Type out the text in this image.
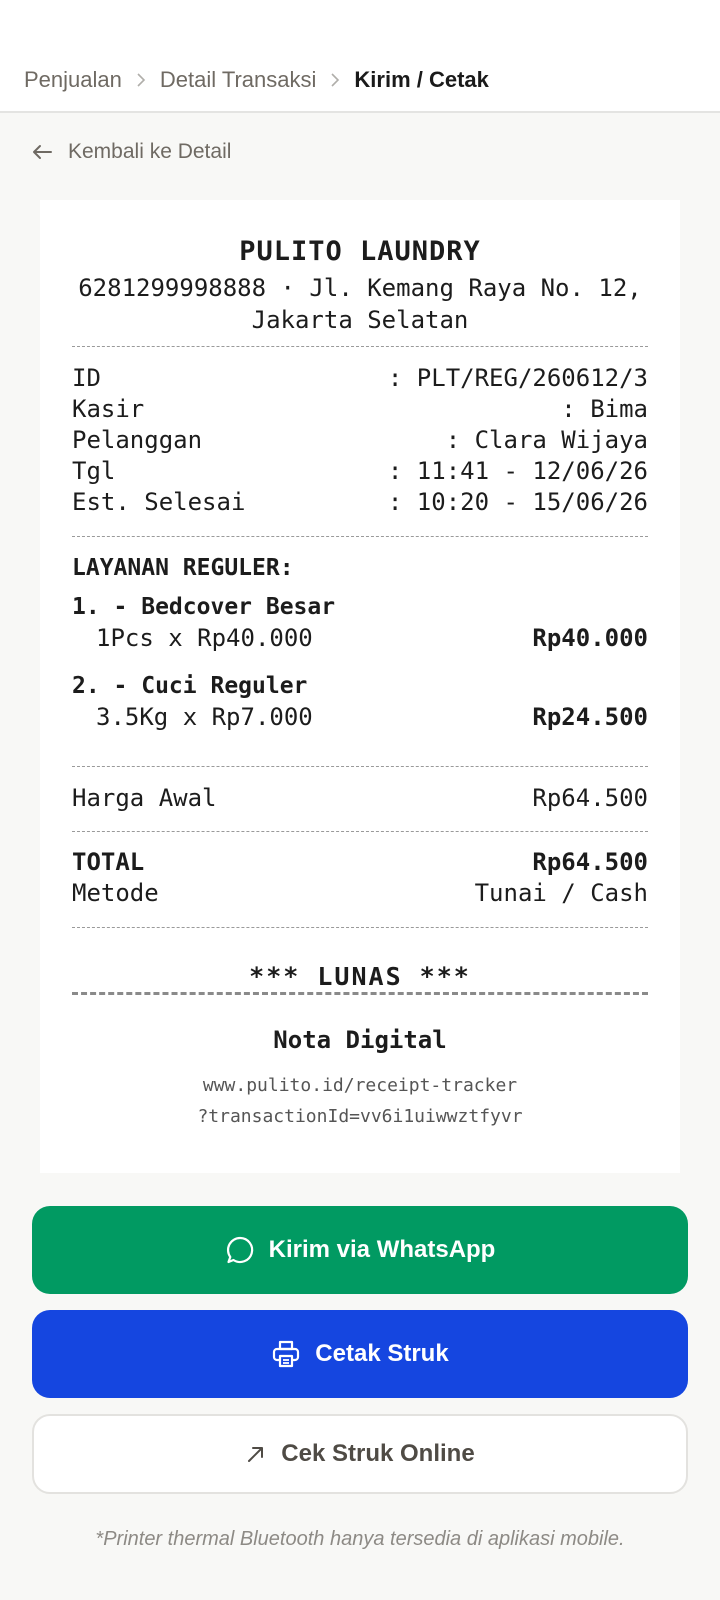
Penjualan Detail Transaksi Kirim / Cetak
Kembali ke Detail
PULITO LAUNDRY
6281299998888 · Jl. Kemang Raya No. 12,
Jakarta Selatan
ID	: PLT/REG/260612/3
Kasir	: Bima
Pelanggan	: Clara Wijaya
Tgl	: 11:41 - 12/06/26
Est. Selesai	: 10:20 - 15/06/26
LAYANAN REGULER:
1. - Bedcover Besar
1Pcs x Rp40.000	Rp40.000
2. - Cuci Reguler
3.5Kg x Rp7.000	Rp24.500
Harga Awal	Rp64.500
TOTAL	Rp64.500
Metode	Tunai / Cash
*** LUNAS ***
Nota Digital
www.pulito.id/receipt-tracker
?transactionId=vv6i1uiwwztfyvr
Kirim via WhatsApp
Cetak Struk
Cek Struk Online
*Printer thermal Bluetooth hanya tersedia di aplikasi mobile.
